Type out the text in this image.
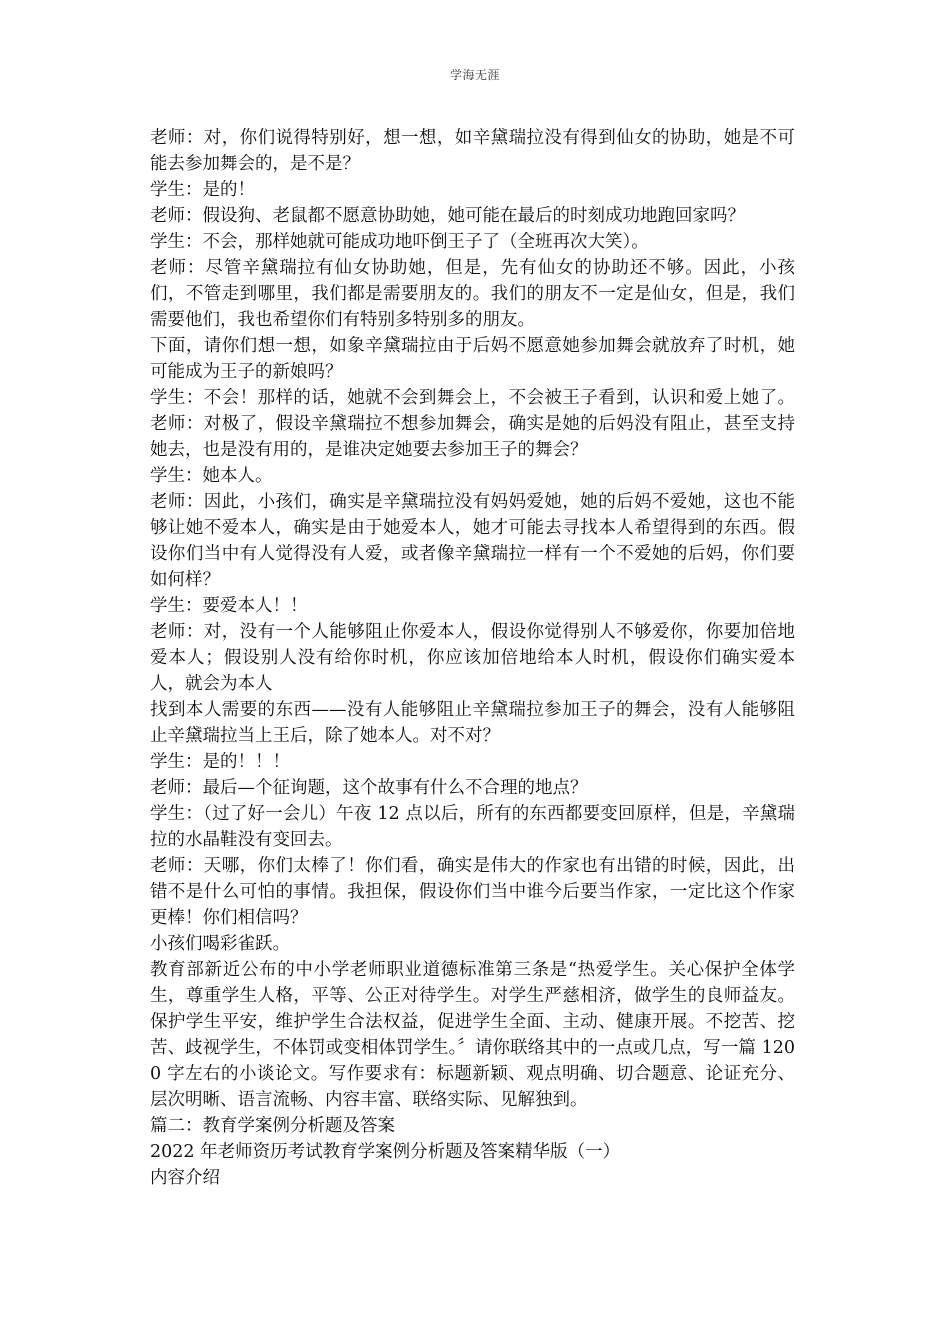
学海无涯

老师：对，你们说得特别好，想一想，如辛黛瑞拉没有得到仙女的协助，她是不可能去参加舞会的，是不是？

学生：是的！

老师：假设狗、老鼠都不愿意协助她，她可能在最后的时刻成功地跑回家吗？

学生：不会，那样她就可能成功地吓倒王子了（全班再次大笑）。

老师：尽管辛黛瑞拉有仙女协助她，但是，先有仙女的协助还不够。因此，小孩们，不管走到哪里，我们都是需要朋友的。我们的朋友不一定是仙女，但是，我们需要他们，我也希望你们有特别多特别多的朋友。

下面，请你们想一想，如象辛黛瑞拉由于后妈不愿意她参加舞会就放弃了时机，她可能成为王子的新娘吗？

学生：不会！那样的话，她就不会到舞会上，不会被王子看到，认识和爱上她了。老师：对极了，假设辛黛瑞拉不想参加舞会，确实是她的后妈没有阻止，甚至支持她去，也是没有用的，是谁决定她要去参加王子的舞会？

学生：她本人。

老师：因此，小孩们，确实是辛黛瑞拉没有妈妈爱她，她的后妈不爱她，这也不能够让她不爱本人，确实是由于她爱本人，她才可能去寻找本人希望得到的东西。假设你们当中有人觉得没有人爱，或者像辛黛瑞拉一样有一个不爱她的后妈，你们要如何样？

学生：要爱本人！！

老师：对，没有一个人能够阻止你爱本人，假设你觉得别人不够爱你，你要加倍地爱本人；假设别人没有给你时机，你应该加倍地给本人时机，假设你们确实爱本人，就会为本人

找到本人需要的东西——没有人能够阻止辛黛瑞拉参加王子的舞会，没有人能够阻止辛黛瑞拉当上王后，除了她本人。对不对？

学生：是的！！！

老师：最后—个征询题，这个故事有什么不合理的地点？

学生：（过了好一会儿）午夜 12 点以后，所有的东西都要变回原样，但是，辛黛瑞拉的水晶鞋没有变回去。

老师：天哪，你们太棒了！你们看，确实是伟大的作家也有出错的时候，因此，出错不是什么可怕的事情。我担保，假设你们当中谁今后要当作家，一定比这个作家更棒！你们相信吗？

小孩们喝彩雀跃。

教育部新近公布的中小学老师职业道德标准第三条是“热爱学生。关心保护全体学生，尊重学生人格，平等、公正对待学生。对学生严慈相济，做学生的良师益友。保护学生平安，维护学生合法权益，促进学生全面、主动、健康开展。不挖苦、挖苦、歧视学生，不体罚或变相体罚学生。〞请你联络其中的一点或几点，写一篇 1200 字左右的小谈论文。写作要求有：标题新颖、观点明确、切合题意、论证充分、层次明晰、语言流畅、内容丰富、联络实际、见解独到。

篇二：教育学案例分析题及答案

2022 年老师资历考试教育学案例分析题及答案精华版（一）

内容介绍
